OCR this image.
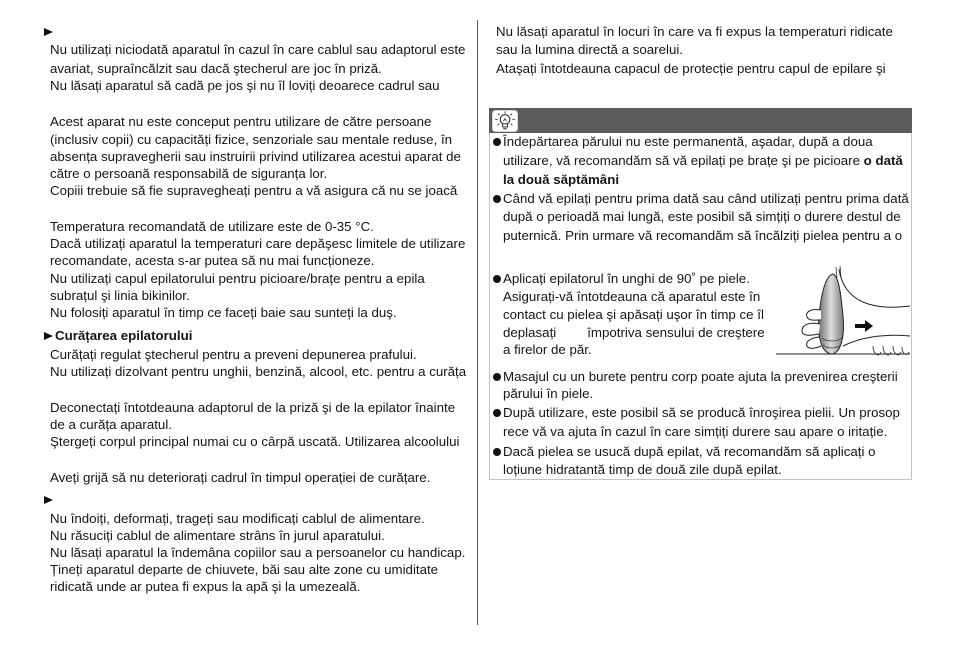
Nu utilizați niciodată aparatul în cazul în care cablul sau adaptorul este
avariat, supraîncălzit sau dacă ştecherul are joc în priză.
Nu lăsați aparatul să cadă pe jos şi nu îl loviți deoarece cadrul sau
Acest aparat nu este conceput pentru utilizare de către persoane
(inclusiv copii) cu capacități fizice, senzoriale sau mentale reduse, în
absența supravegherii sau instruirii privind utilizarea acestui aparat de
către o persoană responsabilă de siguranța lor.
Copiii trebuie să fie supravegheați pentru a vă asigura că nu se joacă
Temperatura recomandată de utilizare este de 0-35 °C.
Dacă utilizați aparatul la temperaturi care depăşesc limitele de utilizare
recomandate, acesta s-ar putea să nu mai funcționeze.
Nu utilizați capul epilatorului pentru picioare/brațe pentru a epila
subrațul şi linia bikinilor.
Nu folosiți aparatul în timp ce faceți baie sau sunteți la duş.
Curățarea epilatorului
Curățați regulat ştecherul pentru a preveni depunerea prafului.
Nu utilizați dizolvant pentru unghii, benzină, alcool, etc. pentru a curăța
Deconectați întotdeauna adaptorul de la priză şi de la epilator înainte
de a curăța aparatul.
Ştergeți corpul principal numai cu o cârpă uscată. Utilizarea alcoolului
Aveți grijă să nu deteriorați cadrul în timpul operației de curățare.
Nu îndoiți, deformați, trageți sau modificați cablul de alimentare.
Nu răsuciți cablul de alimentare strâns în jurul aparatului.
Nu lăsați aparatul la îndemâna copiilor sau a persoanelor cu handicap.
Țineți aparatul departe de chiuvete, băi sau alte zone cu umiditate
ridicată unde ar putea fi expus la apă şi la umezeală.
Nu lăsați aparatul în locuri în care va fi expus la temperaturi ridicate
sau la lumina directă a soarelui.
Ataşați întotdeauna capacul de protecție pentru capul de epilare şi
Îndepărtarea părului nu este permanentă, aşadar, după a doua
utilizare, vă recomandăm să vă epilați pe brațe şi pe picioare o dată
la două săptămâni
Când vă epilați pentru prima dată sau când utilizați pentru prima dată
după o perioadă mai lungă, este posibil să simțiți o durere destul de
puternică. Prin urmare vă recomandăm să încălziți pielea pentru a o
Aplicați epilatorul în unghi de 90˚ pe piele.
Asigurați-vă întotdeauna că aparatul este în
contact cu pielea şi apăsați uşor în timp ce îl
deplasați împotriva sensului de creştere
a firelor de păr.
Masajul cu un burete pentru corp poate ajuta la prevenirea creşterii
părului în piele.
După utilizare, este posibil să se producă înroşirea pielii. Un prosop
rece vă va ajuta în cazul în care simțiți durere sau apare o iritație.
Dacă pielea se usucă după epilat, vă recomandăm să aplicați o
loțiune hidratantă timp de două zile după epilat.
